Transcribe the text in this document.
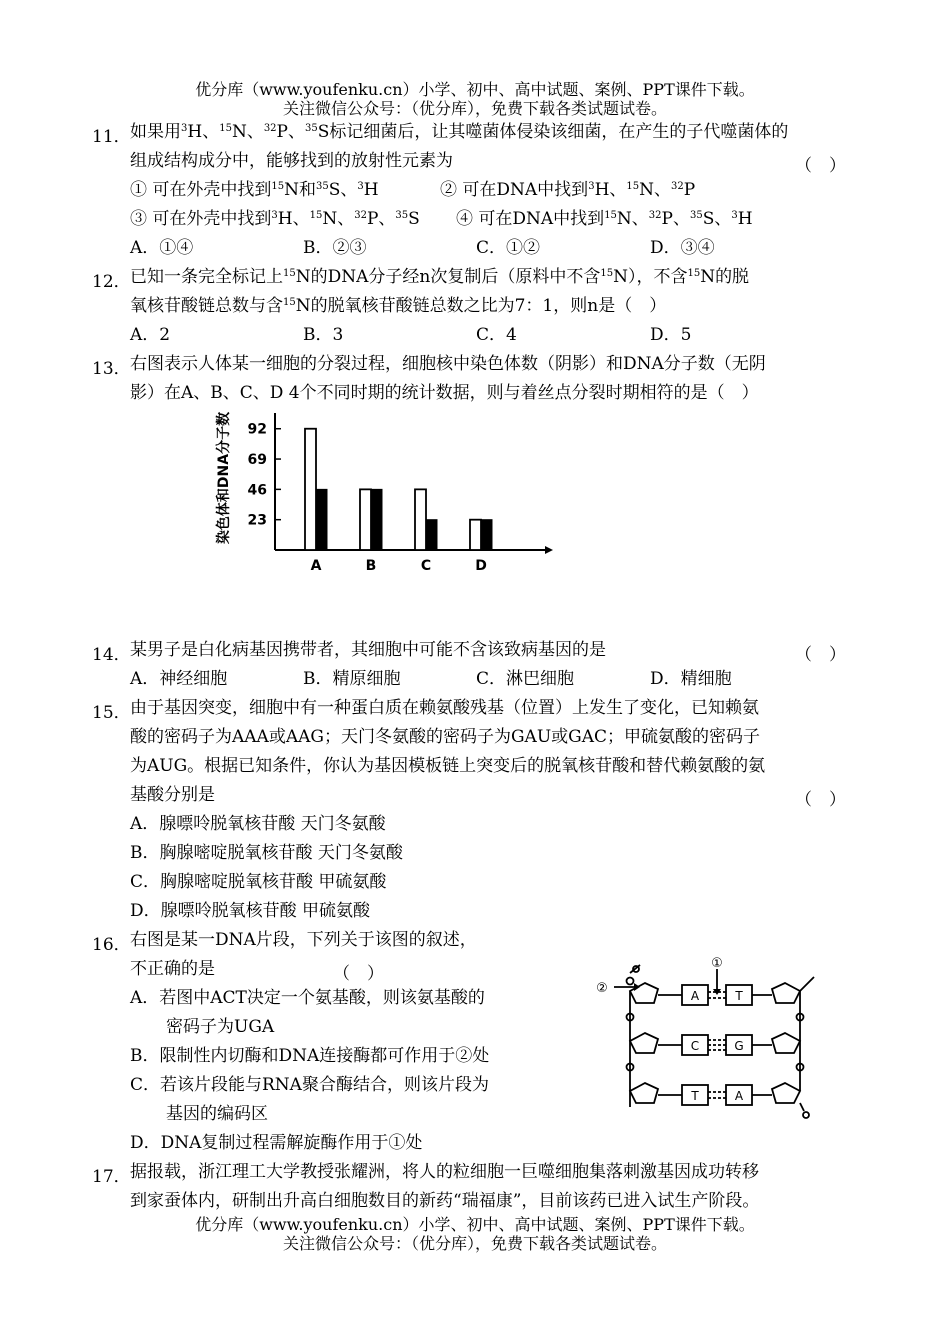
优分库（www.youfenku.cn）小学、初中、高中试题、案例、PPT课件下载。
关注微信公众号：（优分库），免费下载各类试题试卷。
11． 如果用$^3$H、$^{15}$N、$^{32}$P、$^{35}$S标记细菌后，让其噬菌体侵染该细菌，在产生的子代噬菌体的
组成结构成分中，能够找到的放射性元素为	（　）
① 可在外壳中找到$^{15}$N和$^{35}$S、$^3$H	② 可在DNA中找到$^3$H、$^{15}$N、$^{32}$P
③ 可在外壳中找到$^3$H、$^{15}$N、$^{32}$P、$^{35}$S ④ 可在DNA中找到$^{15}$N、$^{32}$P、$^{35}$S、$^3$H
A．①④	B．②③	C．①②	D．③④
12． 已知一条完全标记上$^{15}$N的DNA分子经n次复制后（原料中不含$^{15}$N），不含$^{15}$N的脱
氧核苷酸链总数与含$^{15}$N的脱氧核苷酸链总数之比为7：1，则n是（　）
A．2	B．3	C．4	D．5
13． 右图表示人体某一细胞的分裂过程，细胞核中染色体数（阴影）和DNA分子数（无阴
影）在A、B、C、D 4个不同时期的统计数据，则与着丝点分裂时期相符的是（　）
染色体和DNA分子数 23
46
69
92
A	B	C	D
14． 某男子是白化病基因携带者，其细胞中可能不含该致病基因的是	（　）
A．神经细胞	B．精原细胞	C．淋巴细胞	D．精细胞
15． 由于基因突变，细胞中有一种蛋白质在赖氨酸残基（位置）上发生了变化，已知赖氨
酸的密码子为AAA或AAG；天门冬氨酸的密码子为GAU或GAC；甲硫氨酸的密码子
为AUG。根据已知条件，你认为基因模板链上突变后的脱氧核苷酸和替代赖氨酸的氨
基酸分别是	（　）
A．腺嘌呤脱氧核苷酸 天门冬氨酸
B．胸腺嘧啶脱氧核苷酸 天门冬氨酸
C．胸腺嘧啶脱氧核苷酸 甲硫氨酸
D．腺嘌呤脱氧核苷酸 甲硫氨酸
16． 右图是某一DNA片段，下列关于该图的叙述，
不正确的是	（　）
A．若图中ACT决定一个氨基酸，则该氨基酸的
密码子为UGA
B．限制性内切酶和DNA连接酶都可作用于②处
C．若该片段能与RNA聚合酶结合，则该片段为
基因的编码区
D．DNA复制过程需解旋酶作用于①处
①
②	A
C
T
T
G
A
17． 据报载，浙江理工大学教授张耀洲，将人的粒细胞一巨噬细胞集落刺激基因成功转移
到家蚕体内，研制出升高白细胞数目的新药“瑞福康”，目前该药已进入试生产阶段。
优分库（www.youfenku.cn）小学、初中、高中试题、案例、PPT课件下载。
关注微信公众号：（优分库），免费下载各类试题试卷。
